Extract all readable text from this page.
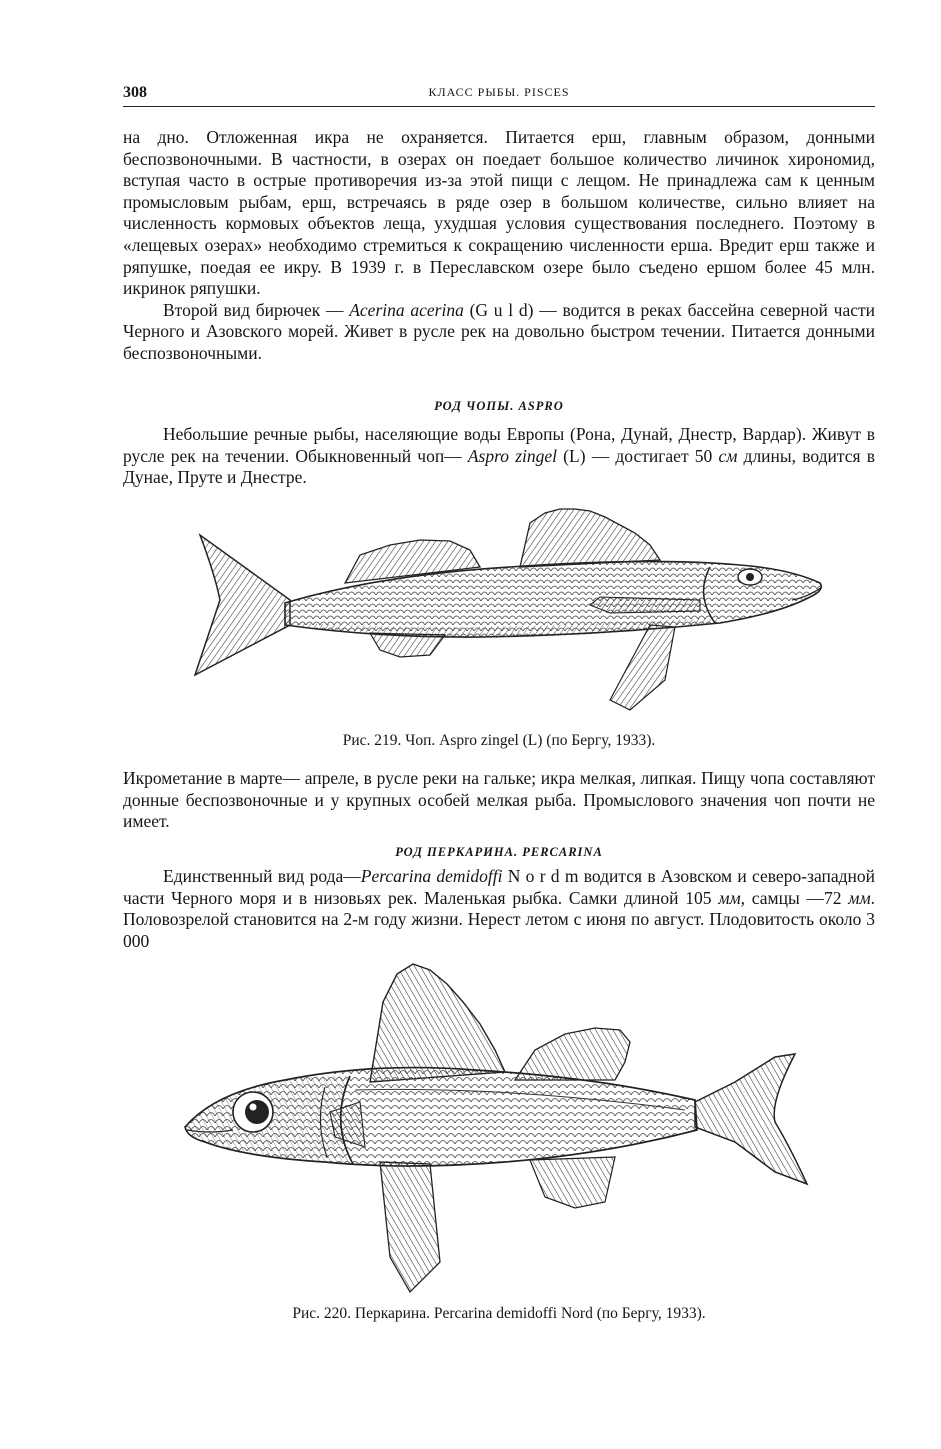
308	КЛАСС РЫБЫ. PISCES

на дно. Отложенная икра не охраняется. Питается ерш, главным образом, донными беспозвоночными. В частности, в озерах он поедает большое количество личинок хирономид, вступая часто в острые противоречия из-за этой пищи с лещом. Не принадлежа сам к ценным промысловым рыбам, ерш, встречаясь в ряде озер в большом количестве, сильно влияет на численность кормовых объектов леща, ухудшая условия существования последнего. Поэтому в «лещевых озерах» необходимо стремиться к сокращению численности ерша. Вредит ерш также и ряпушке, поедая ее икру. В 1939 г. в Переславском озере было съедено ершом более 45 млн. икринок ряпушки.

Второй вид бирючек — Acerina acerina (G u l d) — водится в реках бассейна северной части Черного и Азовского морей. Живет в русле рек на довольно быстром течении. Питается донными беспозвоночными.

РОД ЧОПЫ. ASPRO

Небольшие речные рыбы, населяющие воды Европы (Рона, Дунай, Днестр, Вардар). Живут в русле рек на течении. Обыкновенный чоп— Aspro zingel (L) — достигает 50 см длины, водится в Дунае, Пруте и Днестре.

Рис. 219. Чоп. Aspro zingel (L) (по Бергу, 1933).

Икрометание в марте— апреле, в русле реки на гальке; икра мелкая, липкая. Пищу чопа составляют донные беспозвоночные и у крупных особей мелкая рыба. Промыслового значения чоп почти не имеет.

РОД ПЕРКАРИНА. PERCARINA

Единственный вид рода—Percarina demidoffi N o r d m водится в Азовском и северо-западной части Черного моря и в низовьях рек. Маленькая рыбка. Самки длиной 105 мм, самцы —72 мм. Половозрелой становится на 2-м году жизни. Нерест летом с июня по август. Плодовитость около 3 000

Рис. 220. Перкарина. Percarina demidoffi Nord (по Бергу, 1933).
